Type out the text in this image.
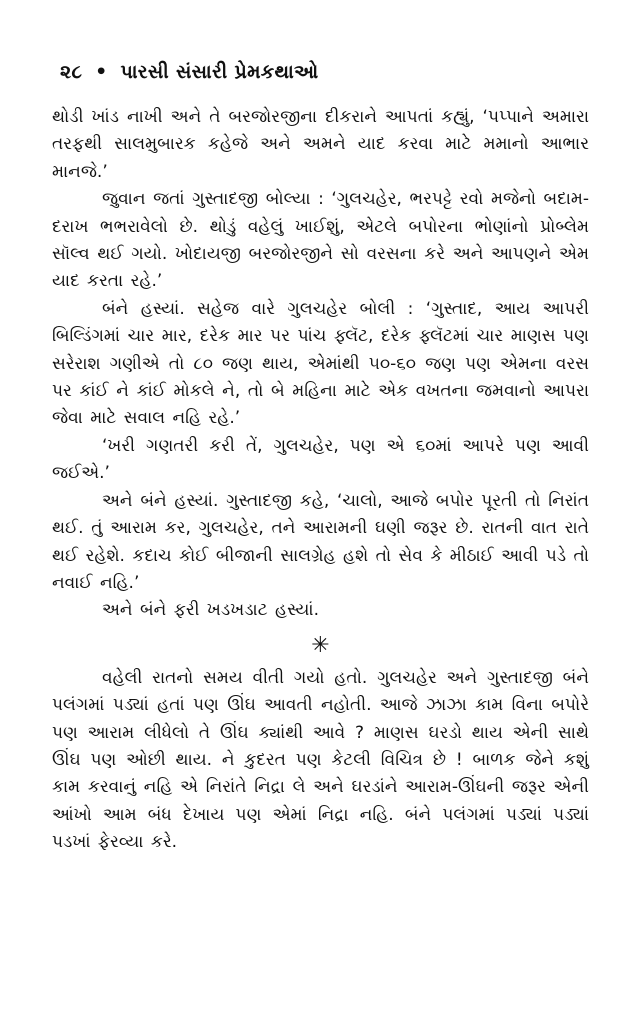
૨૮ • પારસી સંસારી પ્રેમકથાઓ

થોડી ખાંડ નાખી અને તે બરજોરજીના દીકરાને આપતાં કહ્યું, ‘પપ્પાને અમારા તરફથી સાલમુબારક કહેજે અને અમને યાદ કરવા માટે મમાનો આભાર માનજે.’

જુવાન જતાં ગુસ્તાદજી બોલ્યા : ‘ગુલચહેર, ભરપટ્ટે રવો મજેનો બદામ-દરાખ ભભરાવેલો છે. થોડું વહેલું ખાઈશું, એટલે બપોરના ભોણાંનો પ્રોબ્લેમ સૉલ્વ થઈ ગયો. ખોદાયજી બરજોરજીને સો વરસના કરે અને આપણને એમ યાદ કરતા રહે.’

બંને હસ્યાં. સહેજ વારે ગુલચહેર બોલી : ‘ગુસ્તાદ, આય આપરી બિલ્ડિંગમાં ચાર માર, દરેક માર પર પાંચ ફ્લૅટ, દરેક ફ્લૅટમાં ચાર માણસ પણ સરેરાશ ગણીએ તો ૮૦ જણ થાય, એમાંથી ૫૦-૬૦ જણ પણ એમના વરસ પર કાંઈ ને કાંઈ મોકલે ને, તો બે મહિના માટે એક વખતના જમવાનો આપરા જેવા માટે સવાલ નહિ રહે.’

‘ખરી ગણતરી કરી તેં, ગુલચહેર, પણ એ ૬૦માં આપરે પણ આવી જઈએ.’

અને બંને હસ્યાં. ગુસ્તાદજી કહે, ‘ચાલો, આજે બપોર પૂરતી તો નિરાંત થઈ. તું આરામ કર, ગુલચહેર, તને આરામની ઘણી જરૂર છે. રાતની વાત રાતે થઈ રહેશે. કદાચ કોઈ બીજાની સાલગ્રેહ હશે તો સેવ કે મીઠાઈ આવી પડે તો નવાઈ નહિ.’

અને બંને ફરી ખડખડાટ હસ્યાં.

✳

વહેલી રાતનો સમય વીતી ગયો હતો. ગુલચહેર અને ગુસ્તાદજી બંને પલંગમાં પડ્યાં હતાં પણ ઊંઘ આવતી નહોતી. આજે ઝાઝા કામ વિના બપોરે પણ આરામ લીધેલો તે ઊંઘ ક્યાંથી આવે ? માણસ ઘરડો થાય એની સાથે ઊંઘ પણ ઓછી થાય. ને કુદરત પણ કેટલી વિચિત્ર છે ! બાળક જેને કશું કામ કરવાનું નહિ એ નિરાંતે નિદ્રા લે અને ઘરડાંને આરામ-ઊંઘની જરૂર એની આંખો આમ બંધ દેખાય પણ એમાં નિદ્રા નહિ. બંને પલંગમાં પડ્યાં પડ્યાં પડખાં ફેરવ્યા કરે.
